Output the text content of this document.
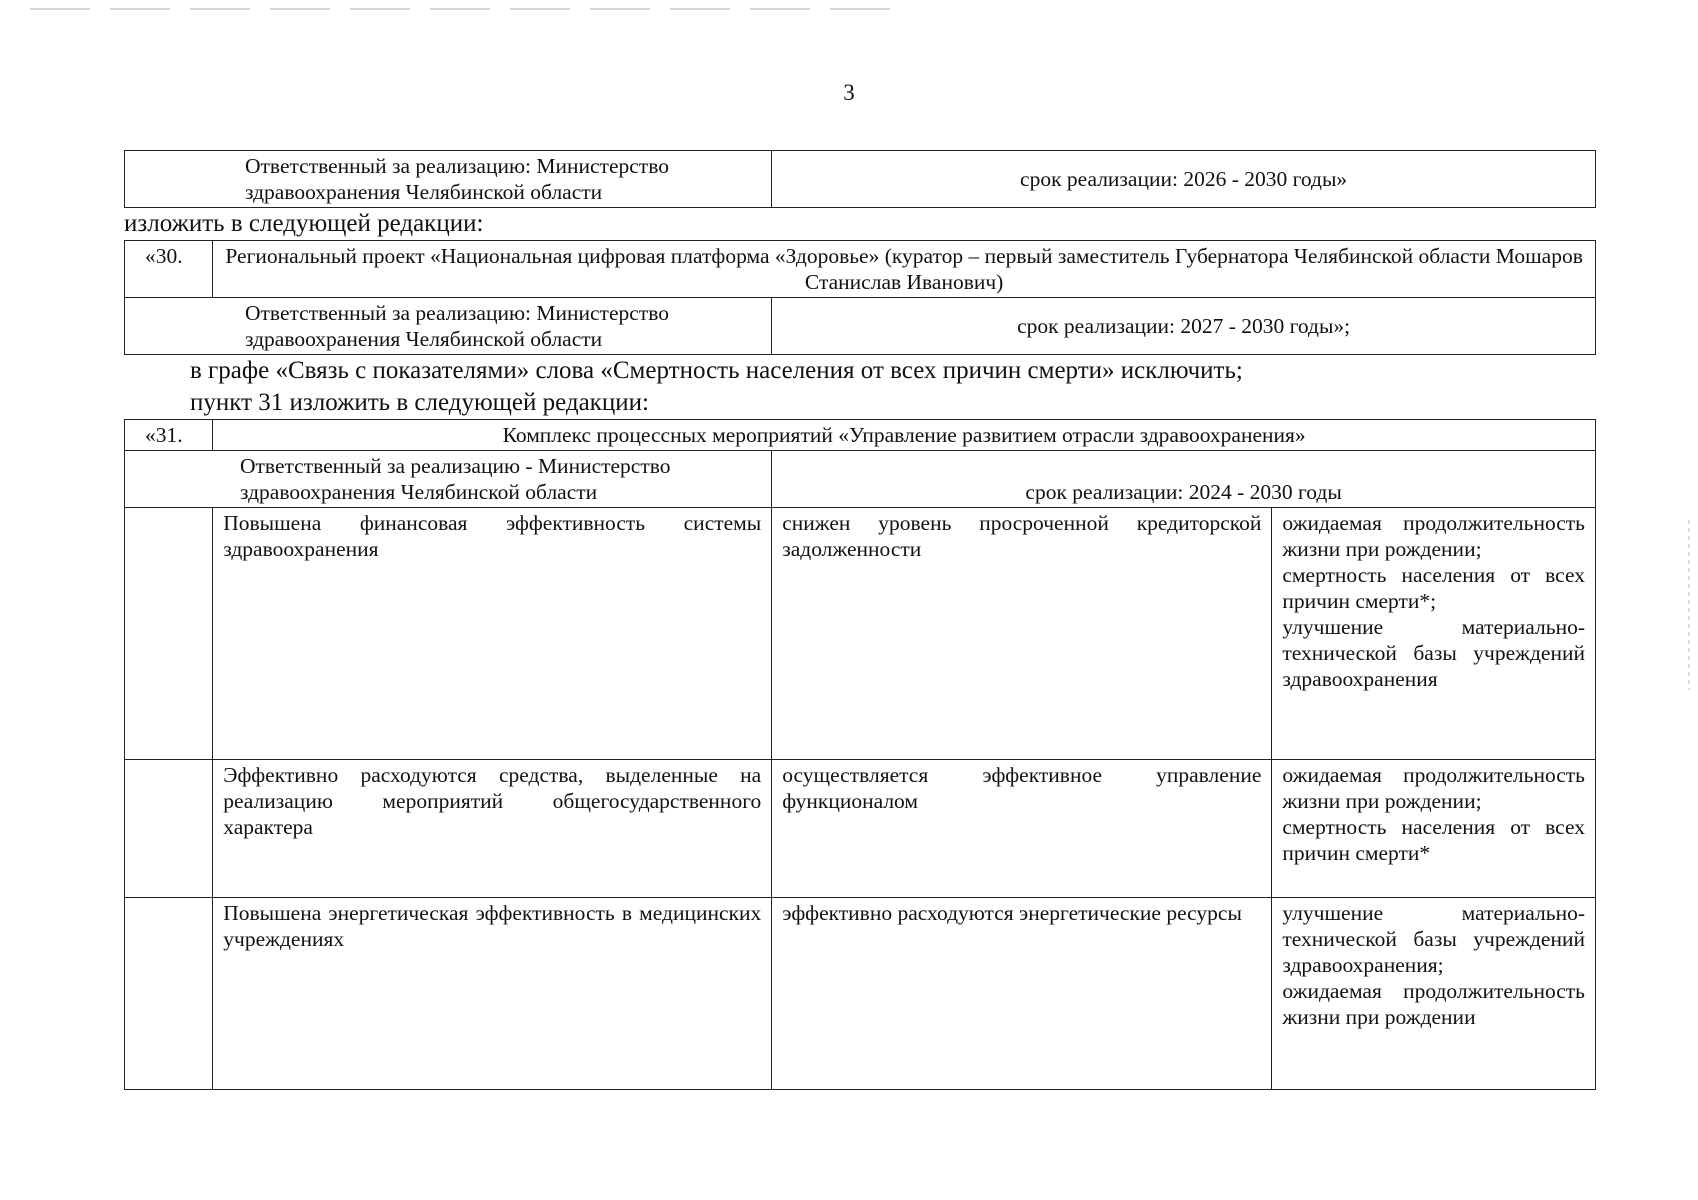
3
Ответственный за реализацию: Министерство здравоохранения Челябинской области	срок реализации: 2026 - 2030 годы»

изложить в следующей редакции:

«30.	Региональный проект «Национальная цифровая платформа «Здоровье» (куратор – первый заместитель Губернатора Челябинской области Мошаров Станислав Иванович)	
Ответственный за реализацию: Министерство здравоохранения Челябинской области		срок реализации: 2027 - 2030 годы»;

в графе «Связь с показателями» слова «Смертность населения от всех причин смерти» исключить;

пункт 31 изложить в следующей редакции:

«31.	Комплекс процессных мероприятий «Управление развитием отрасли здравоохранения»		
Ответственный за реализацию - Министерство здравоохранения Челябинской области		срок реализации: 2024 - 2030 годы	
	Повышена финансовая эффективность системы здравоохранения	снижен уровень просроченной кредиторской задолженности	ожидаемая продолжительность жизни при рождении;
смертность населения от всех причин смерти*;
улучшение материально-технической базы учреждений здравоохранения

	Эффективно расходуются средства, выделенные на реализацию мероприятий общегосударственного характера	осуществляется эффективное управление функционалом	ожидаемая продолжительность жизни при рождении;
смертность населения от всех причин смерти*

	Повышена энергетическая эффективность в медицинских учреждениях	эффективно расходуются энергетические ресурсы	улучшение материально-технической базы учреждений здравоохранения;
ожидаемая продолжительность жизни при рождении
